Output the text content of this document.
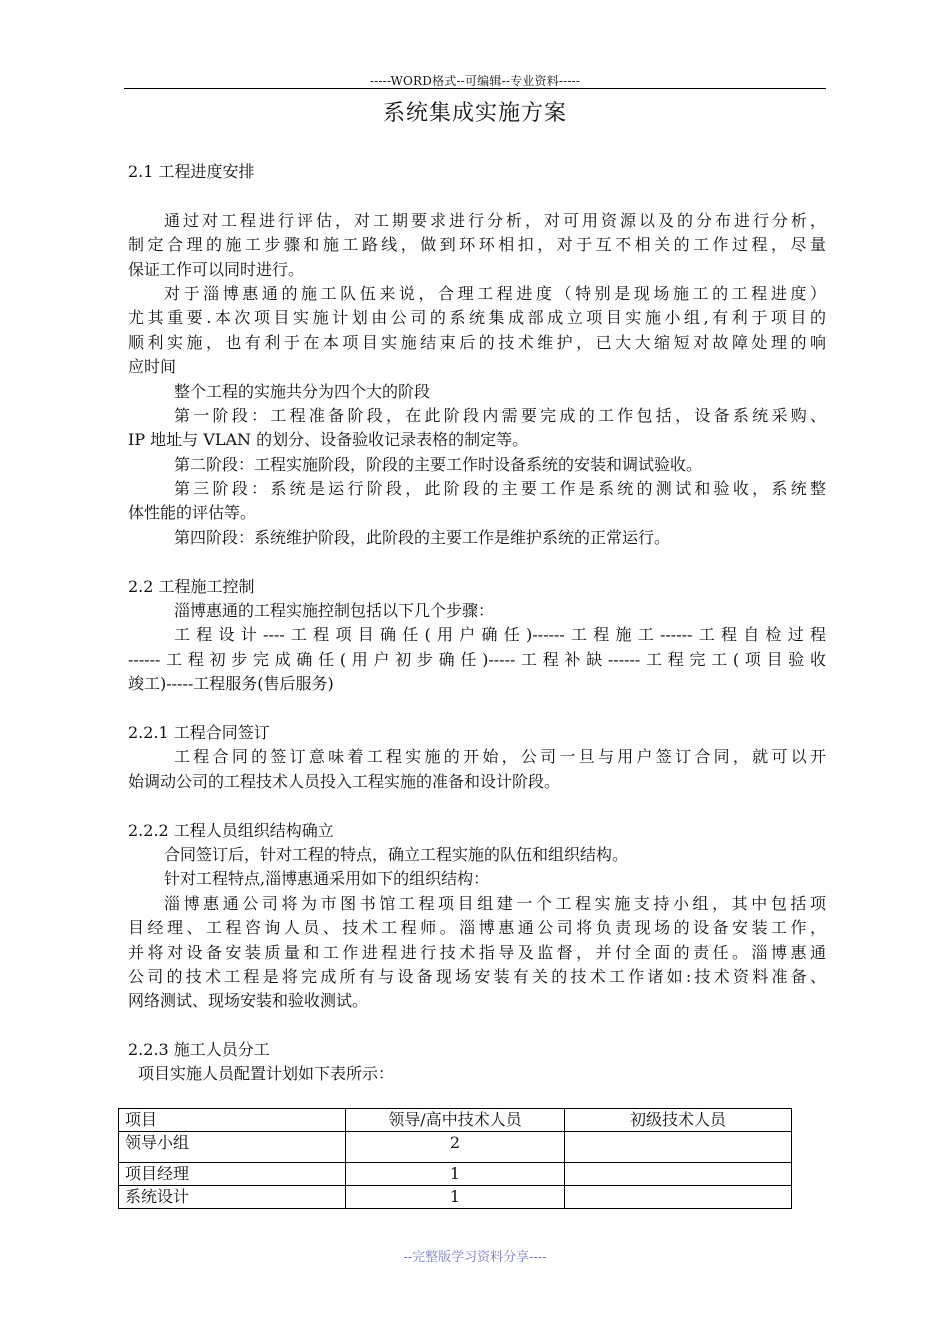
-----WORD格式--可编辑--专业资料-----
系统集成实施方案
2.1 工程进度安排
通过对工程进行评估，对工期要求进行分析，对可用资源以及的分布进行分析，
制定合理的施工步骤和施工路线，做到环环相扣，对于互不相关的工作过程，尽量
保证工作可以同时进行。
对于淄博惠通的施工队伍来说，合理工程进度（特别是现场施工的工程进度）
尤其重要.本次项目实施计划由公司的系统集成部成立项目实施小组,有利于项目的
顺利实施，也有利于在本项目实施结束后的技术维护，已大大缩短对故障处理的响
应时间
整个工程的实施共分为四个大的阶段
第一阶段：工程准备阶段，在此阶段内需要完成的工作包括，设备系统采购、
IP 地址与 VLAN 的划分、设备验收记录表格的制定等。
第二阶段：工程实施阶段，阶段的主要工作时设备系统的安装和调试验收。
第三阶段：系统是运行阶段，此阶段的主要工作是系统的测试和验收，系统整
体性能的评估等。
第四阶段：系统维护阶段，此阶段的主要工作是维护系统的正常运行。
2.2 工程施工控制
淄博惠通的工程实施控制包括以下几个步骤：
工程设计----工程项目确任(用户确任)------工程施工------工程自检过程
------工程初步完成确任(用户初步确任)-----工程补缺------工程完工(项目验收
竣工)-----工程服务(售后服务)
2.2.1 工程合同签订
工程合同的签订意味着工程实施的开始，公司一旦与用户签订合同，就可以开
始调动公司的工程技术人员投入工程实施的准备和设计阶段。
2.2.2 工程人员组织结构确立
合同签订后，针对工程的特点，确立工程实施的队伍和组织结构。
针对工程特点,淄博惠通采用如下的组织结构：
淄博惠通公司将为市图书馆工程项目组建一个工程实施支持小组，其中包括项
目经理、工程咨询人员、技术工程师。淄博惠通公司将负责现场的设备安装工作，
并将对设备安装质量和工作进程进行技术指导及监督，并付全面的责任。淄博惠通
公司的技术工程是将完成所有与设备现场安装有关的技术工作诸如:技术资料准备、
网络测试、现场安装和验收测试。
2.2.3 施工人员分工
项目实施人员配置计划如下表所示：
项目	领导/高中技术人员	初级技术人员
领导小组	2	
项目经理	1	
系统设计	1	
--完整版学习资料分享----
